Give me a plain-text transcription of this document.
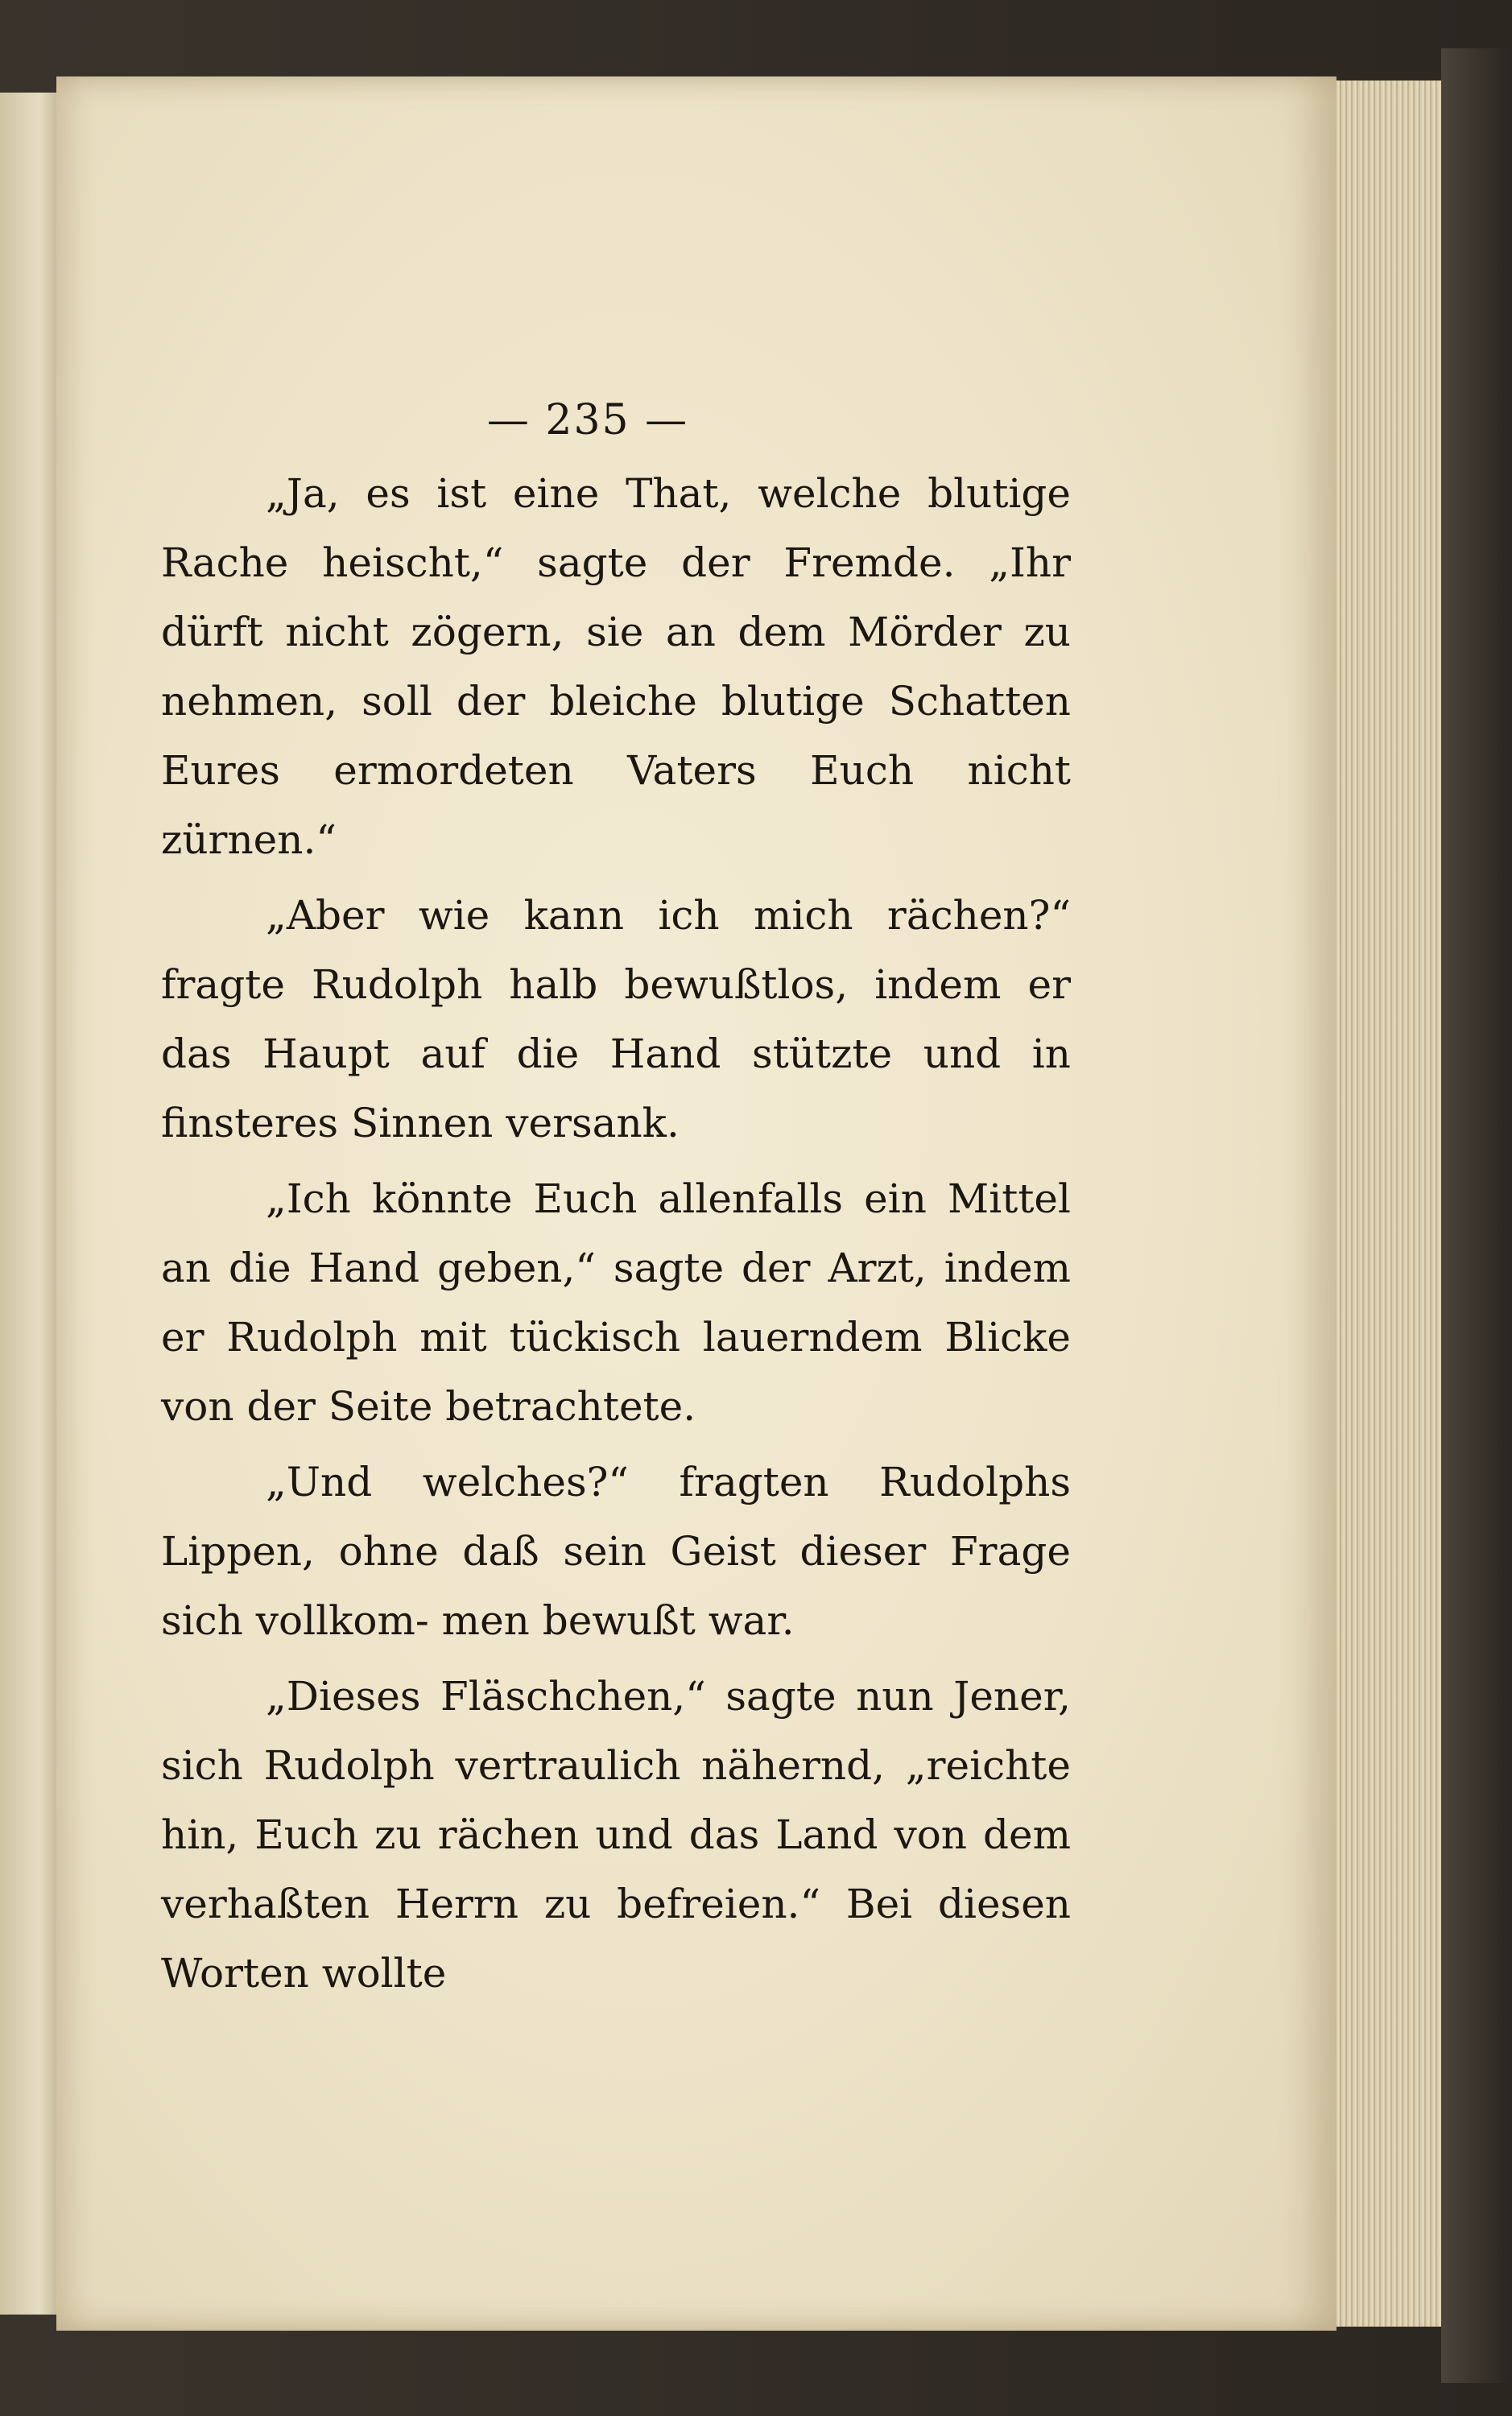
— 235 —

„Ja, es ist eine That, welche blutige Rache heischt,“ sagte der Fremde. „Ihr dürft nicht zögern, sie an dem Mörder zu nehmen, soll der bleiche blutige Schatten Eures ermordeten Vaters Euch nicht zürnen.“

„Aber wie kann ich mich rächen?“ fragte Rudolph halb bewußtlos, indem er das Haupt auf die Hand stützte und in finsteres Sinnen versank.

„Ich könnte Euch allenfalls ein Mittel an die Hand geben,“ sagte der Arzt, indem er Rudolph mit tückisch lauerndem Blicke von der Seite betrachtete.

„Und welches?“ fragten Rudolphs Lippen, ohne daß sein Geist dieser Frage sich vollkom- men bewußt war.

„Dieses Fläschchen,“ sagte nun Jener, sich Rudolph vertraulich nähernd, „reichte hin, Euch zu rächen und das Land von dem verhaßten Herrn zu befreien.“ Bei diesen Worten wollte
